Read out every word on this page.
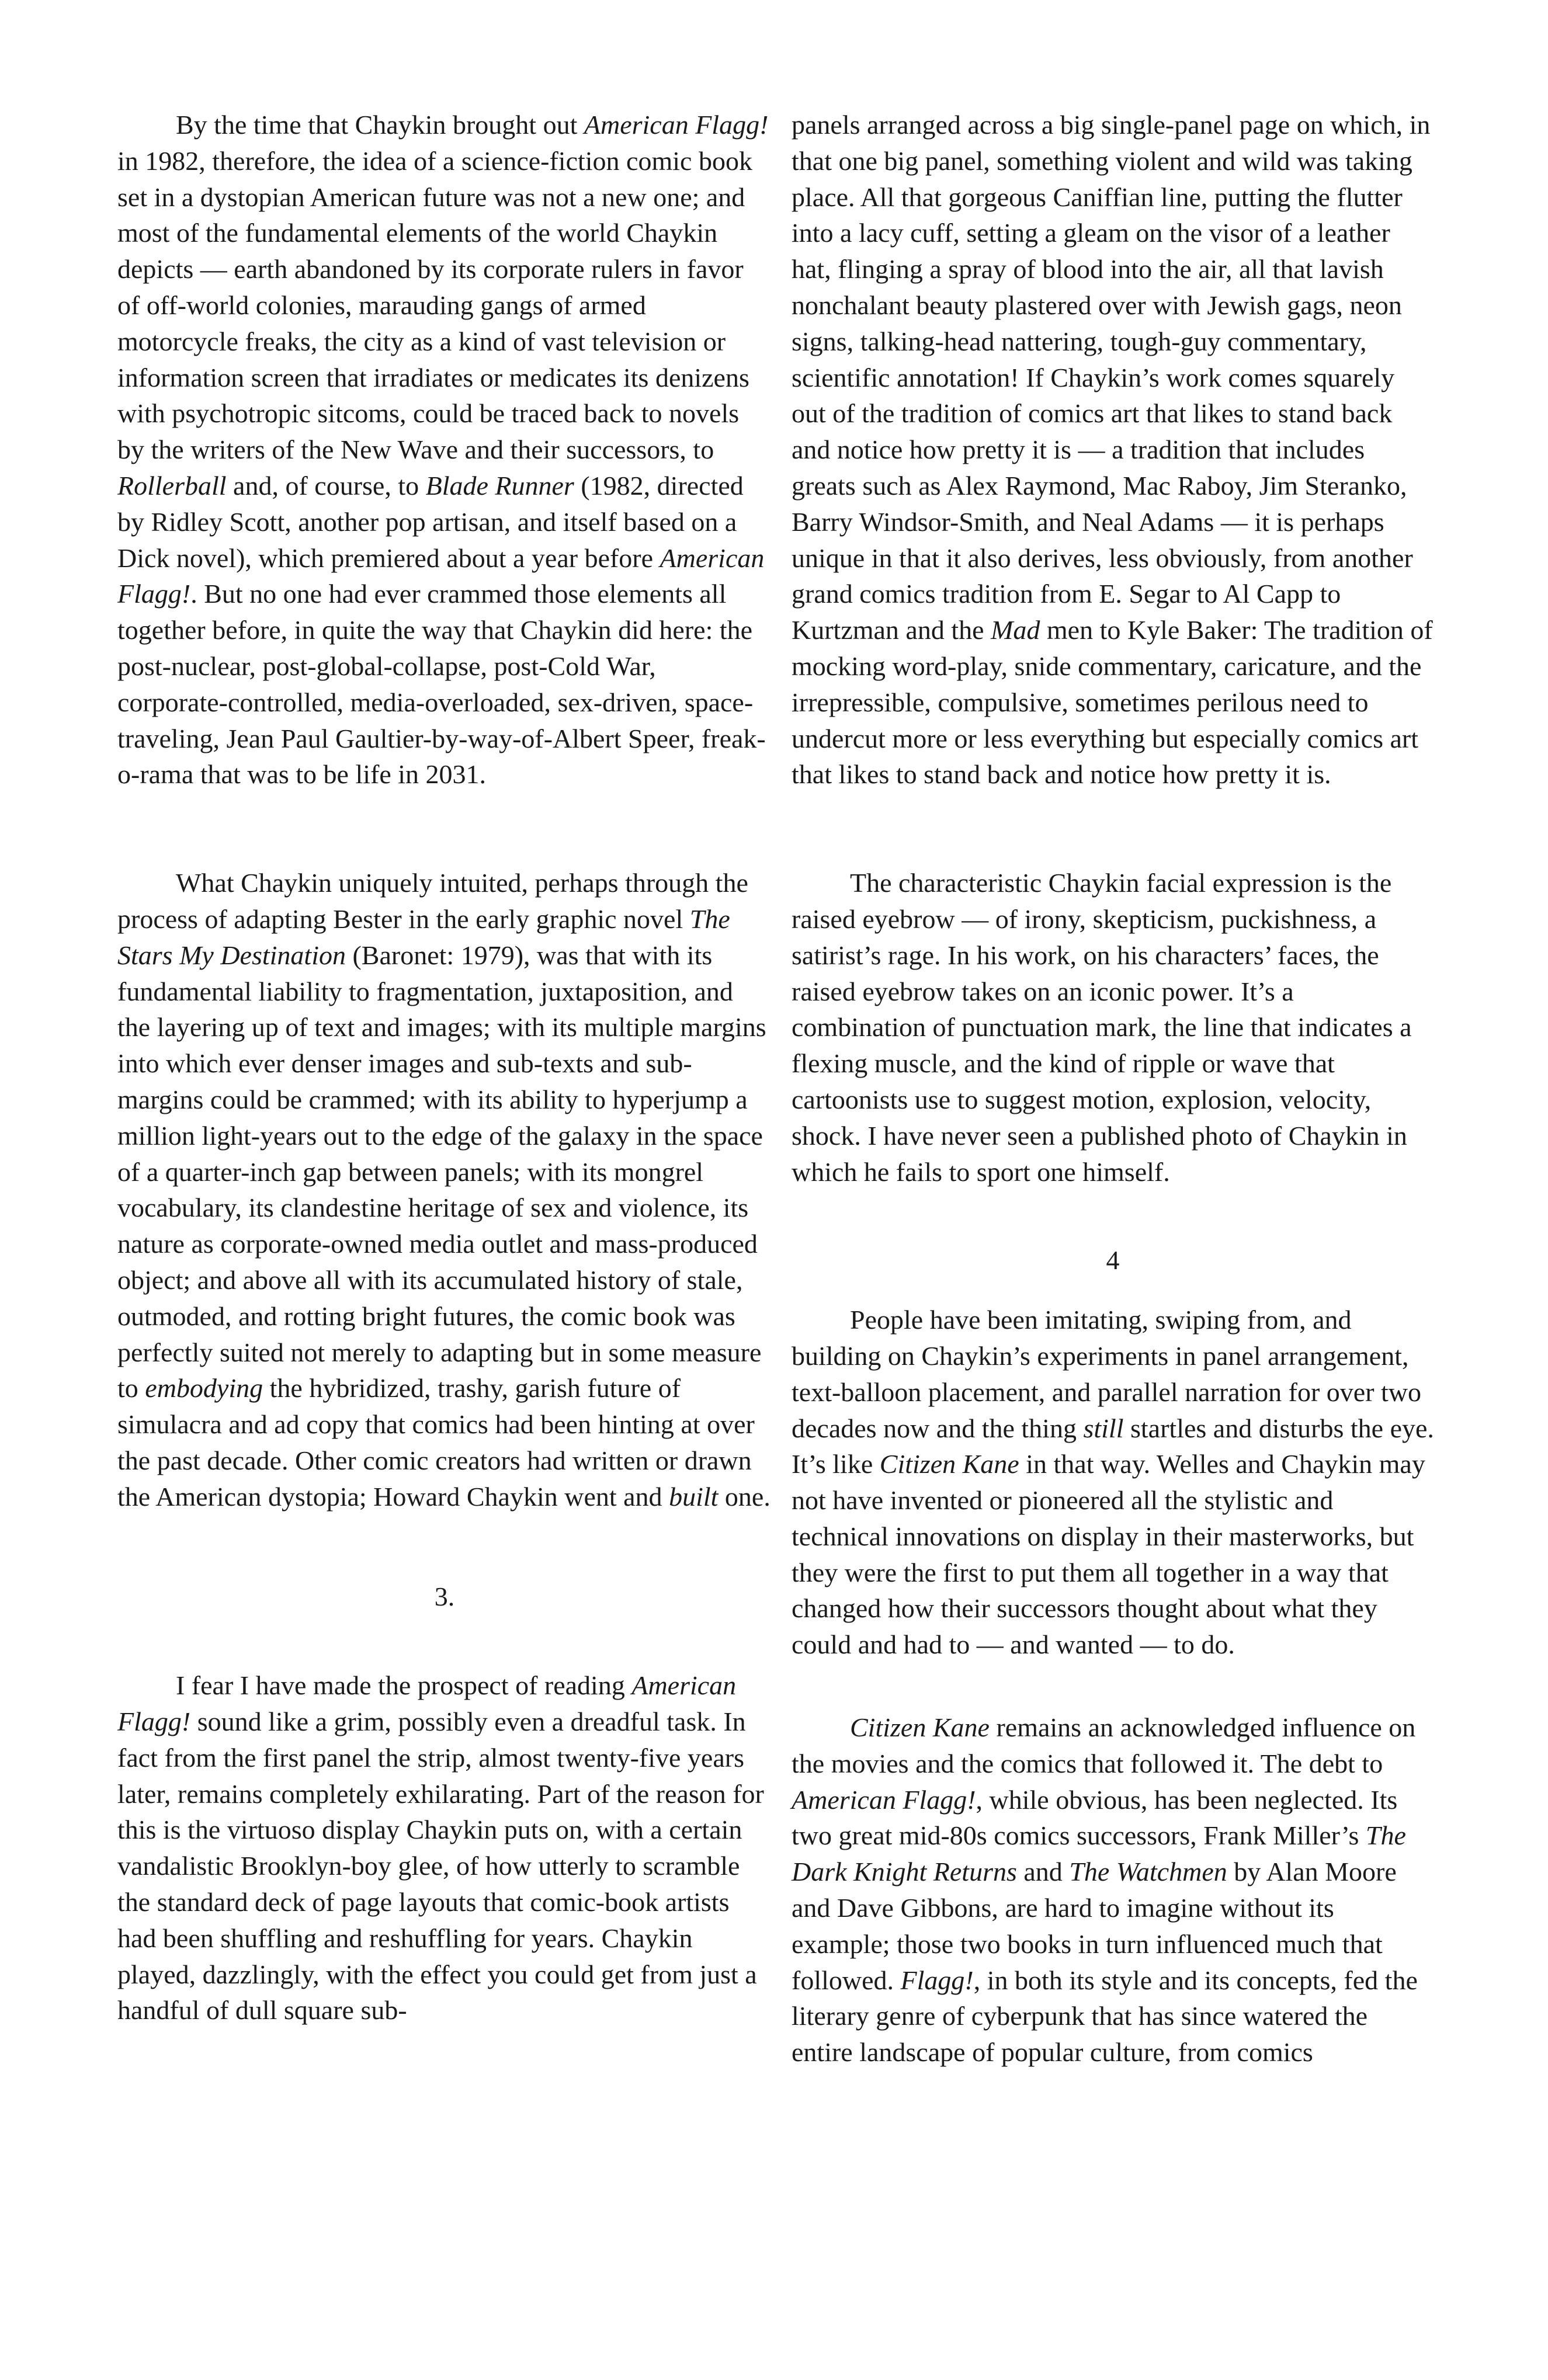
By the time that Chaykin brought out American Flagg! in 1982, therefore, the idea of a science-fiction comic book set in a dystopian American future was not a new one; and most of the fundamental elements of the world Chaykin depicts — earth abandoned by its corporate rulers in favor of off-world colonies, marauding gangs of armed motorcycle freaks, the city as a kind of vast television or information screen that irradiates or medicates its denizens with psychotropic sitcoms, could be traced back to novels by the writers of the New Wave and their successors, to Rollerball and, of course, to Blade Runner (1982, directed by Ridley Scott, another pop artisan, and itself based on a Dick novel), which premiered about a year before American Flagg!. But no one had ever crammed those elements all together before, in quite the way that Chaykin did here: the post-nuclear, post-global-collapse, post-Cold War, corporate-controlled, media-overloaded, sex-driven, space-traveling, Jean Paul Gaultier-by-way-of-Albert Speer, freak-o-rama that was to be life in 2031.

What Chaykin uniquely intuited, perhaps through the process of adapting Bester in the early graphic novel The Stars My Destination (Baronet: 1979), was that with its fundamental liability to fragmentation, juxtaposition, and the layering up of text and images; with its multiple margins into which ever denser images and sub-texts and sub-margins could be crammed; with its ability to hyperjump a million light-years out to the edge of the galaxy in the space of a quarter-inch gap between panels; with its mongrel vocabulary, its clandestine heritage of sex and violence, its nature as corporate-owned media outlet and mass-produced object; and above all with its accumulated history of stale, outmoded, and rotting bright futures, the comic book was perfectly suited not merely to adapting but in some measure to embodying the hybridized, trashy, garish future of simulacra and ad copy that comics had been hinting at over the past decade. Other comic creators had written or drawn the American dystopia; Howard Chaykin went and built one.

3.

I fear I have made the prospect of reading American Flagg! sound like a grim, possibly even a dreadful task. In fact from the first panel the strip, almost twenty-five years later, remains completely exhilarating. Part of the reason for this is the virtuoso display Chaykin puts on, with a certain vandalistic Brooklyn-boy glee, of how utterly to scramble the standard deck of page layouts that comic-book artists had been shuffling and reshuffling for years. Chaykin played, dazzlingly, with the effect you could get from just a handful of dull square sub-

panels arranged across a big single-panel page on which, in that one big panel, something violent and wild was taking place. All that gorgeous Caniffian line, putting the flutter into a lacy cuff, setting a gleam on the visor of a leather hat, flinging a spray of blood into the air, all that lavish nonchalant beauty plastered over with Jewish gags, neon signs, talking-head nattering, tough-guy commentary, scientific annotation! If Chaykin’s work comes squarely out of the tradition of comics art that likes to stand back and notice how pretty it is — a tradition that includes greats such as Alex Raymond, Mac Raboy, Jim Steranko, Barry Windsor-Smith, and Neal Adams — it is perhaps unique in that it also derives, less obviously, from another grand comics tradition from E. Segar to Al Capp to Kurtzman and the Mad men to Kyle Baker: The tradition of mocking word-play, snide commentary, caricature, and the irrepressible, compulsive, sometimes perilous need to undercut more or less everything but especially comics art that likes to stand back and notice how pretty it is.

The characteristic Chaykin facial expression is the raised eyebrow — of irony, skepticism, puckishness, a satirist’s rage. In his work, on his characters’ faces, the raised eyebrow takes on an iconic power. It’s a combination of punctuation mark, the line that indicates a flexing muscle, and the kind of ripple or wave that cartoonists use to suggest motion, explosion, velocity, shock. I have never seen a published photo of Chaykin in which he fails to sport one himself.

4

People have been imitating, swiping from, and building on Chaykin’s experiments in panel arrangement, text-balloon placement, and parallel narration for over two decades now and the thing still startles and disturbs the eye. It’s like Citizen Kane in that way. Welles and Chaykin may not have invented or pioneered all the stylistic and technical innovations on display in their masterworks, but they were the first to put them all together in a way that changed how their successors thought about what they could and had to — and wanted — to do.

Citizen Kane remains an acknowledged influence on the movies and the comics that followed it. The debt to American Flagg!, while obvious, has been neglected. Its two great mid-80s comics successors, Frank Miller’s The Dark Knight Returns and The Watchmen by Alan Moore and Dave Gibbons, are hard to imagine without its example; those two books in turn influenced much that followed. Flagg!, in both its style and its concepts, fed the literary genre of cyberpunk that has since watered the entire landscape of popular culture, from comics
